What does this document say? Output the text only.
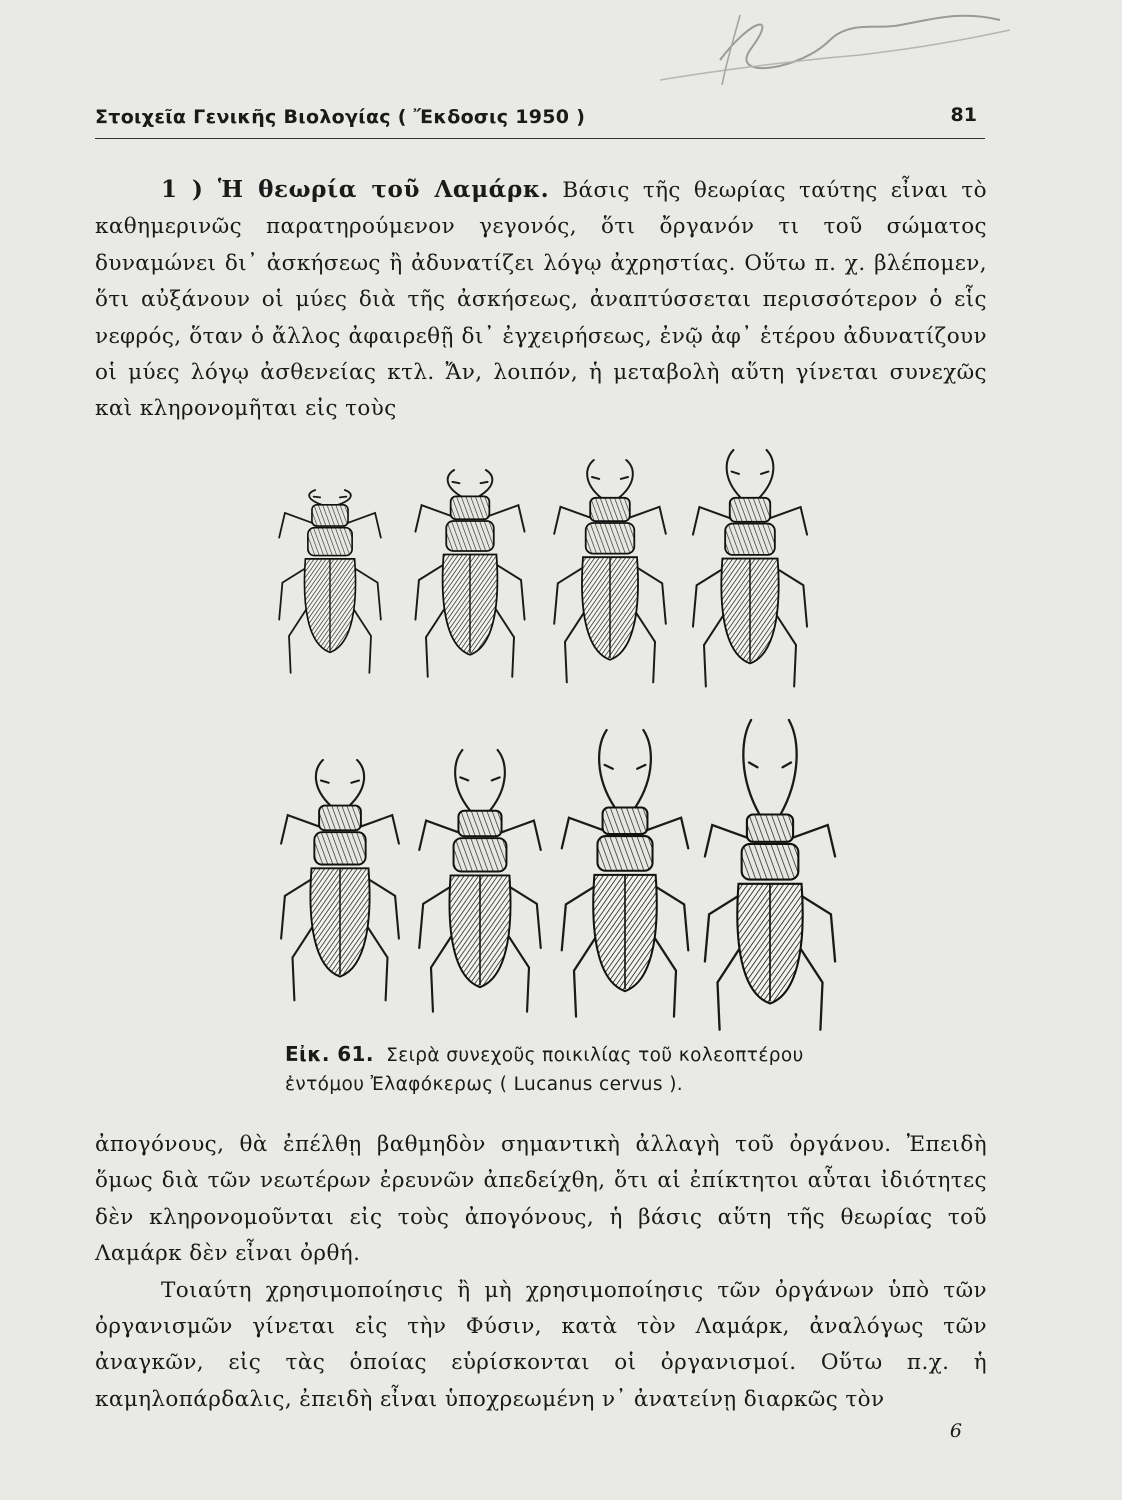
Στοιχεῖα Γενικῆς Βιολογίας ( Ἔκδοσις 1950 )	81

1 ) Ἡ θεωρία τοῦ Λαμάρκ. Βάσις τῆς θεωρίας ταύτης εἶναι τὸ καθημερινῶς παρατηρούμενον γεγονός, ὅτι ὄργανόν τι τοῦ σώματος δυναμώνει δι᾽ ἀσκήσεως ἢ ἀδυνατίζει λόγῳ ἀχρηστίας. Οὕτω π. χ. βλέπομεν, ὅτι αὐξάνουν οἱ μύες διὰ τῆς ἀσκήσεως, ἀναπτύσσεται περισσότερον ὁ εἷς νεφρός, ὅταν ὁ ἄλλος ἀφαιρεθῇ δι᾽ ἐγχειρήσεως, ἐνῷ ἀφ᾽ ἑτέρου ἀδυνατίζουν οἱ μύες λόγῳ ἀσθενείας κτλ. Ἄν, λοιπόν, ἡ μεταβολὴ αὕτη γίνεται συνεχῶς καὶ κληρονομῆται εἰς τοὺς

Εἰκ. 61. Σειρὰ συνεχοῦς ποικιλίας τοῦ κολεοπτέρου ἐντόμου Ἐλαφόκερως ( Lucanus cervus ).

ἀπογόνους, θὰ ἐπέλθῃ βαθμηδὸν σημαντικὴ ἀλλαγὴ τοῦ ὀργάνου. Ἐπειδὴ ὅμως διὰ τῶν νεωτέρων ἐρευνῶν ἀπεδείχθη, ὅτι αἱ ἐπίκτητοι αὗται ἰδιότητες δὲν κληρονομοῦνται εἰς τοὺς ἀπογόνους, ἡ βάσις αὕτη τῆς θεωρίας τοῦ Λαμάρκ δὲν εἶναι ὀρθή.

Τοιαύτη χρησιμοποίησις ἢ μὴ χρησιμοποίησις τῶν ὀργάνων ὑπὸ τῶν ὀργανισμῶν γίνεται εἰς τὴν Φύσιν, κατὰ τὸν Λαμάρκ, ἀναλόγως τῶν ἀναγκῶν, εἰς τὰς ὁποίας εὑρίσκονται οἱ ὀργανισμοί. Οὕτω π.χ. ἡ καμηλοπάρδαλις, ἐπειδὴ εἶναι ὑποχρεωμένη ν᾽ ἀνατείνῃ διαρκῶς τὸν

6
